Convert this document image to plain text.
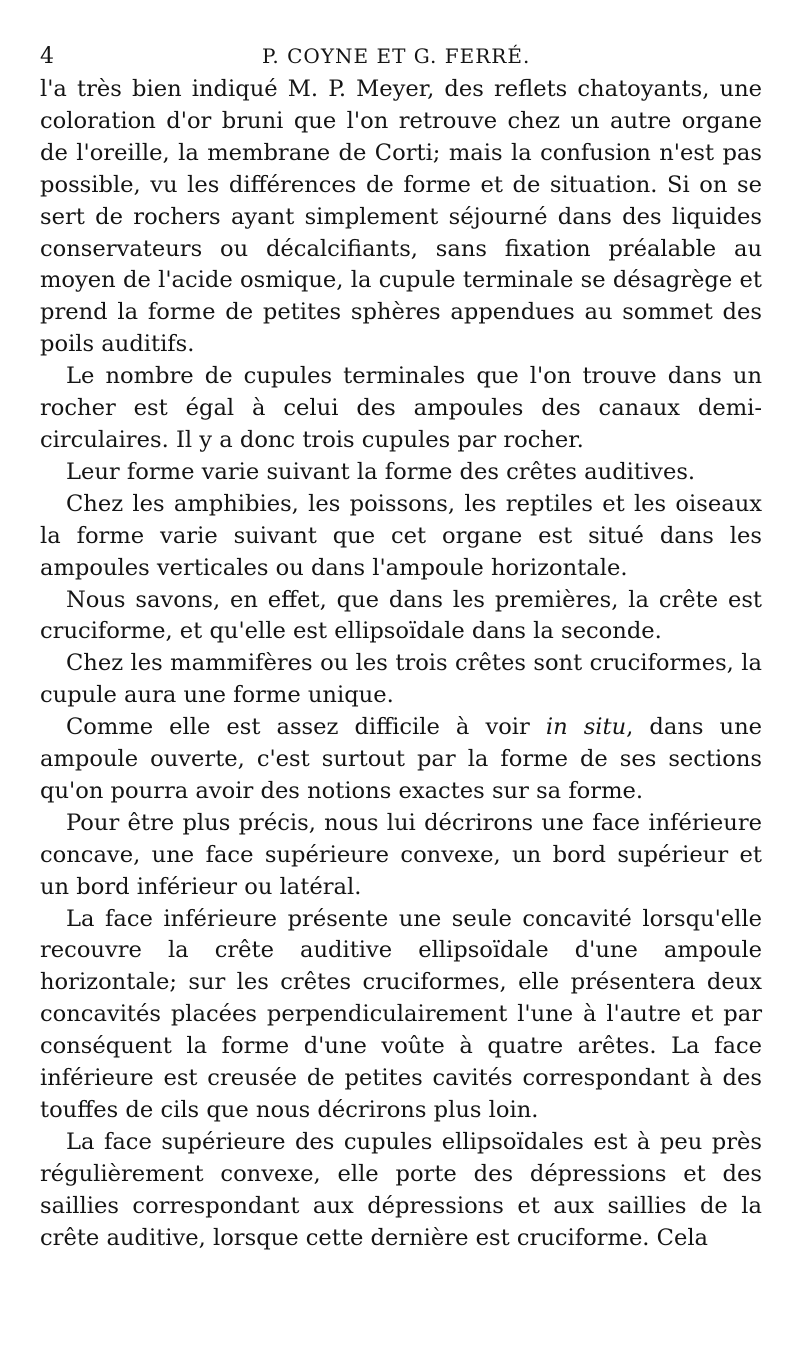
4	P. COYNE ET G. FERRÉ.

l'a très bien indiqué M. P. Meyer, des reflets chatoyants, une coloration d'or bruni que l'on retrouve chez un autre organe de l'oreille, la membrane de Corti; mais la confusion n'est pas possible, vu les différences de forme et de situation. Si on se sert de rochers ayant simplement séjourné dans des liquides conservateurs ou décalcifiants, sans fixation préalable au moyen de l'acide osmique, la cupule terminale se désagrège et prend la forme de petites sphères appendues au sommet des poils auditifs.

Le nombre de cupules terminales que l'on trouve dans un rocher est égal à celui des ampoules des canaux demi-circulaires. Il y a donc trois cupules par rocher.

Leur forme varie suivant la forme des crêtes auditives.

Chez les amphibies, les poissons, les reptiles et les oiseaux la forme varie suivant que cet organe est situé dans les ampoules verticales ou dans l'ampoule horizontale.

Nous savons, en effet, que dans les premières, la crête est cruciforme, et qu'elle est ellipsoïdale dans la seconde.

Chez les mammifères ou les trois crêtes sont cruciformes, la cupule aura une forme unique.

Comme elle est assez difficile à voir in situ, dans une ampoule ouverte, c'est surtout par la forme de ses sections qu'on pourra avoir des notions exactes sur sa forme.

Pour être plus précis, nous lui décrirons une face inférieure concave, une face supérieure convexe, un bord supérieur et un bord inférieur ou latéral.

La face inférieure présente une seule concavité lorsqu'elle recouvre la crête auditive ellipsoïdale d'une ampoule horizontale; sur les crêtes cruciformes, elle présentera deux concavités placées perpendiculairement l'une à l'autre et par conséquent la forme d'une voûte à quatre arêtes. La face inférieure est creusée de petites cavités correspondant à des touffes de cils que nous décrirons plus loin.

La face supérieure des cupules ellipsoïdales est à peu près régulièrement convexe, elle porte des dépressions et des saillies correspondant aux dépressions et aux saillies de la crête auditive, lorsque cette dernière est cruciforme. Cela
